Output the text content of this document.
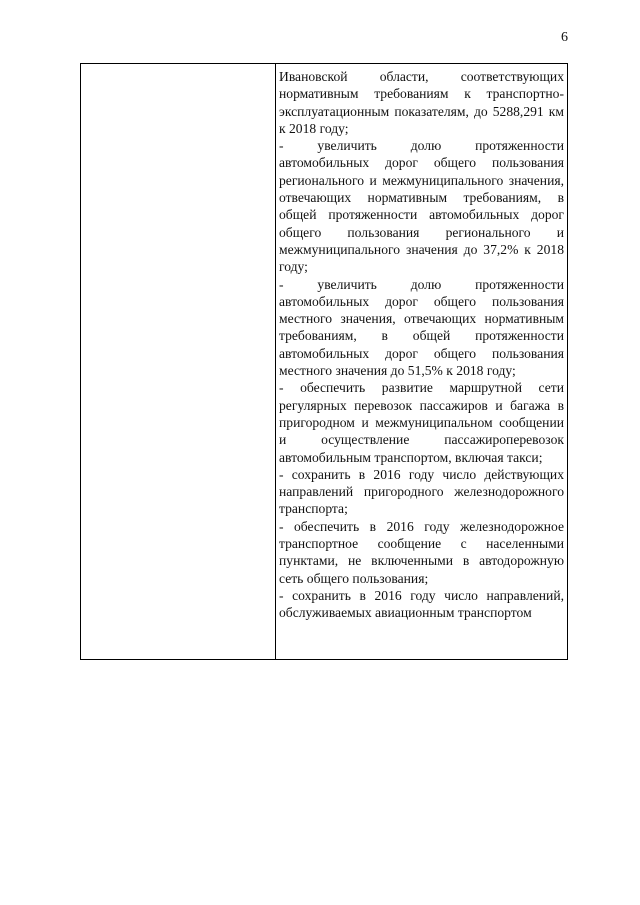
6

Ивановской области, соответствующих нормативным требованиям к транспортно-эксплуатационным показателям, до 5288,291 км к 2018 году;

- увеличить долю протяженности автомобильных дорог общего пользования регионального и межмуниципального значения, отвечающих нормативным требованиям, в общей протяженности автомобильных дорог общего пользования регионального и межмуниципального значения до 37,2% к 2018 году;

- увеличить долю протяженности автомобильных дорог общего пользования местного значения, отвечающих нормативным требованиям, в общей протяженности автомобильных дорог общего пользования местного значения до 51,5% к 2018 году;

- обеспечить развитие маршрутной сети регулярных перевозок пассажиров и багажа в пригородном и межмуниципальном сообщении и осуществление пассажироперевозок автомобильным транспортом, включая такси;

- сохранить в 2016 году число действующих направлений пригородного железнодорожного транспорта;

- обеспечить в 2016 году железнодорожное транспортное сообщение с населенными пунктами, не включенными в автодорожную сеть общего пользования;

- сохранить в 2016 году число направлений, обслуживаемых авиационным транспортом
